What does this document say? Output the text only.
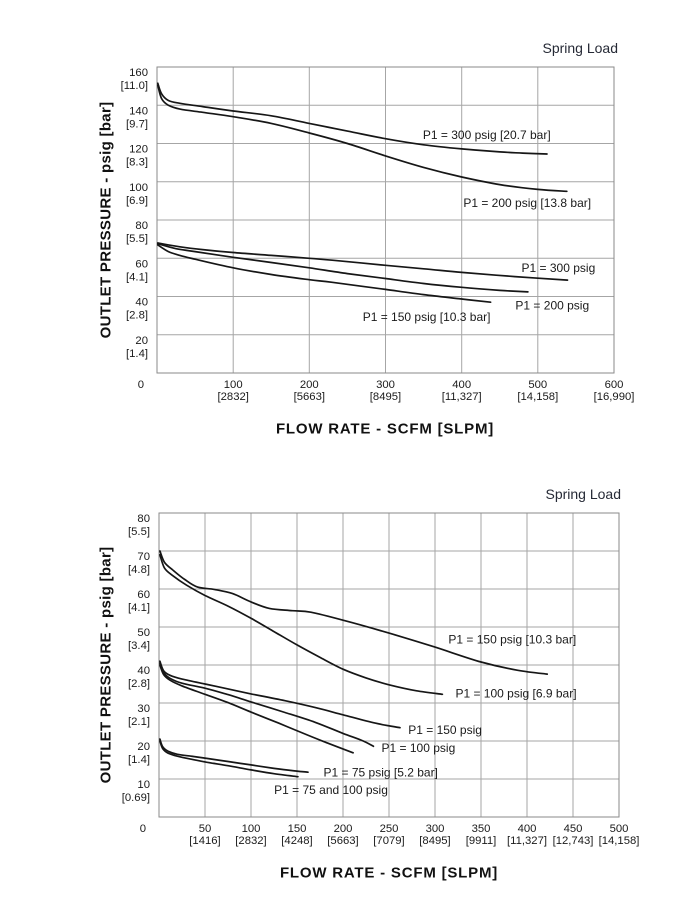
P1 = 300 psig [20.7 bar]
P1 = 200 psig [13.8 bar]
P1 = 300 psig
P1 = 200 psig
P1 = 150 psig [10.3 bar]
100
[2832]
200
[5663]
300
[8495]
400
[11,327]
500
[14,158]
600
[16,990]
160
[11.0]
140
[9.7]
120
[8.3]
100
[6.9]
80
[5.5]
60
[4.1]
40
[2.8]
20
[1.4]
0
P1 = 150 psig [10.3 bar]
P1 = 100 psig [6.9 bar]
P1 = 150 psig
P1 = 100 psig
P1 = 75 psig [5.2 bar]
P1 = 75 and 100 psig
50
[1416]
100
[2832]
150
[4248]
200
[5663]
250
[7079]
300
[8495]
350
[9911]
400
[11,327]
450
[12,743]
500
[14,158]
80
[5.5]
70
[4.8]
60
[4.1]
50
[3.4]
40
[2.8]
30
[2.1]
20
[1.4]
10
[0.69]
0
Spring Load
OUTLET PRESSURE - psig [bar]
FLOW RATE - SCFM [SLPM]
Spring Load
OUTLET PRESSURE - psig [bar]
FLOW RATE - SCFM [SLPM]
